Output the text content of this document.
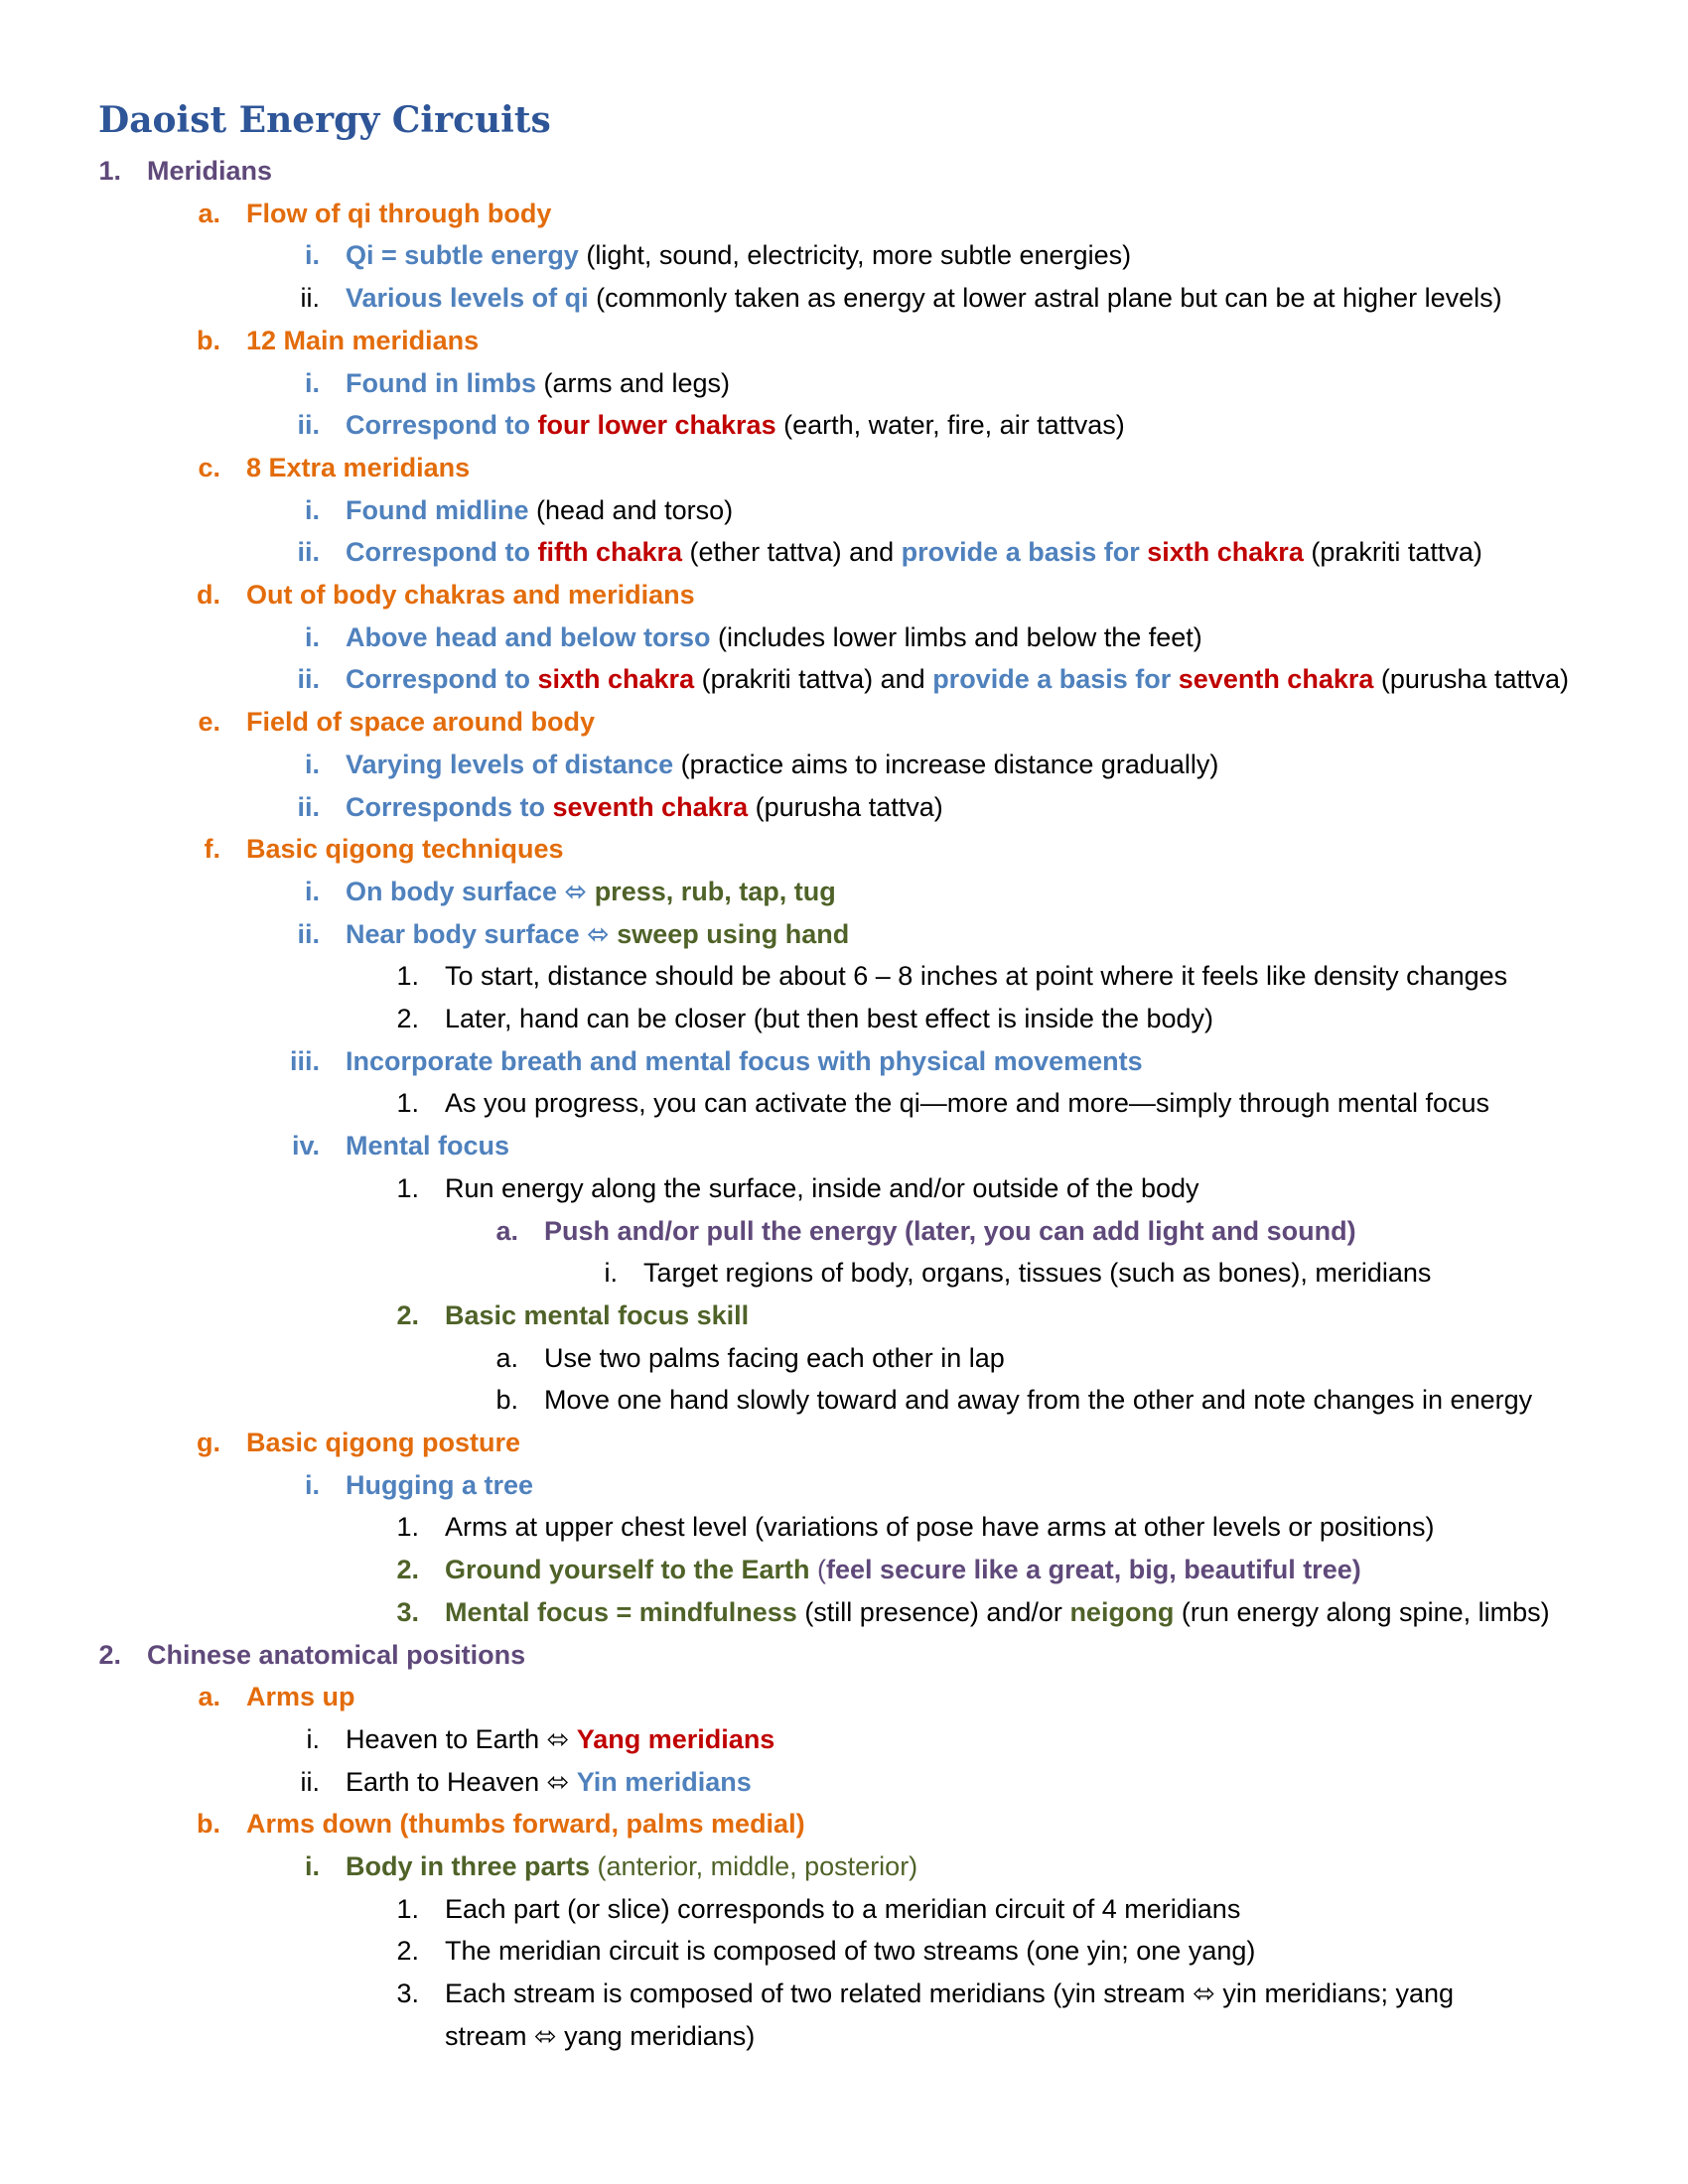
Daoist Energy Circuits
1. Meridians
a. Flow of qi through body
i. Qi = subtle energy (light, sound, electricity, more subtle energies)
ii. Various levels of qi (commonly taken as energy at lower astral plane but can be at higher levels)
b. 12 Main meridians
i. Found in limbs (arms and legs)
ii. Correspond to four lower chakras (earth, water, fire, air tattvas)
c. 8 Extra meridians
i. Found midline (head and torso)
ii. Correspond to fifth chakra (ether tattva) and provide a basis for sixth chakra (prakriti tattva)
d. Out of body chakras and meridians
i. Above head and below torso (includes lower limbs and below the feet)
ii. Correspond to sixth chakra (prakriti tattva) and provide a basis for seventh chakra (purusha tattva)
e. Field of space around body
i. Varying levels of distance (practice aims to increase distance gradually)
ii. Corresponds to seventh chakra (purusha tattva)
f. Basic qigong techniques
i. On body surface ⬄ press, rub, tap, tug
ii. Near body surface ⬄ sweep using hand
1. To start, distance should be about 6 – 8 inches at point where it feels like density changes
2. Later, hand can be closer (but then best effect is inside the body)
iii. Incorporate breath and mental focus with physical movements
1. As you progress, you can activate the qi—more and more—simply through mental focus
iv. Mental focus
1. Run energy along the surface, inside and/or outside of the body
a. Push and/or pull the energy (later, you can add light and sound)
i. Target regions of body, organs, tissues (such as bones), meridians
2. Basic mental focus skill
a. Use two palms facing each other in lap
b. Move one hand slowly toward and away from the other and note changes in energy
g. Basic qigong posture
i. Hugging a tree
1. Arms at upper chest level (variations of pose have arms at other levels or positions)
2. Ground yourself to the Earth (feel secure like a great, big, beautiful tree)
3. Mental focus = mindfulness (still presence) and/or neigong (run energy along spine, limbs)
2. Chinese anatomical positions
a. Arms up
i. Heaven to Earth ⬄ Yang meridians
ii. Earth to Heaven ⬄ Yin meridians
b. Arms down (thumbs forward, palms medial)
i. Body in three parts (anterior, middle, posterior)
1. Each part (or slice) corresponds to a meridian circuit of 4 meridians
2. The meridian circuit is composed of two streams (one yin; one yang)
3. Each stream is composed of two related meridians (yin stream ⬄ yin meridians; yang
stream ⬄ yang meridians)
